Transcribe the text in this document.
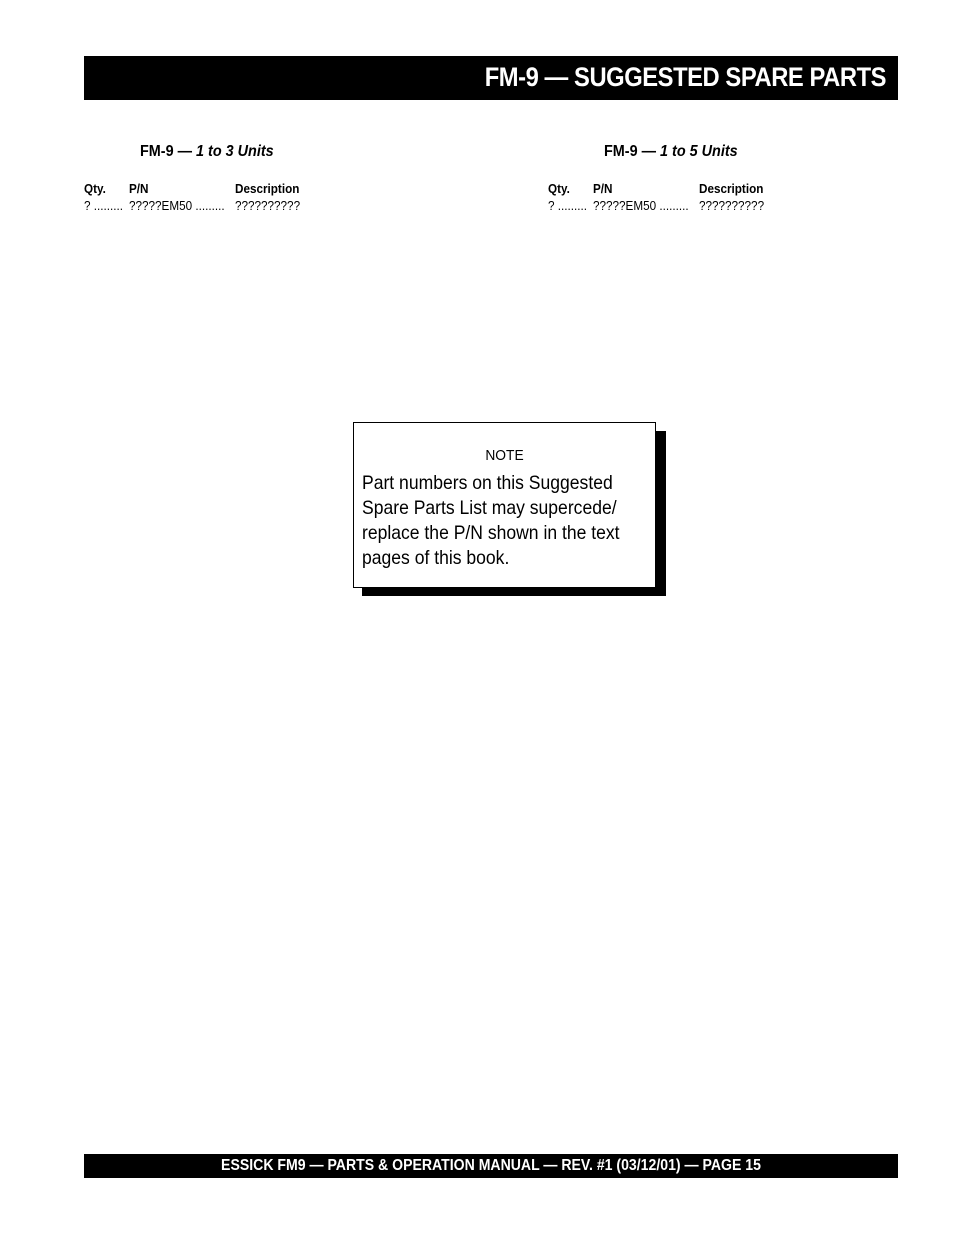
FM-9 — SUGGESTED SPARE PARTS
FM-9 — 1 to 3 Units
Qty. P/N	Description
? ......... ?????EM50 ......... ??????????
FM-9 — 1 to 5 Units
Qty. P/N	Description
? ......... ?????EM50 ......... ??????????
NOTE
Part numbers on this Suggested
Spare Parts List may supercede/
replace the P/N shown in the text
pages of this book.
ESSICK FM9 — PARTS & OPERATION MANUAL — REV. #1 (03/12/01) — PAGE 15
